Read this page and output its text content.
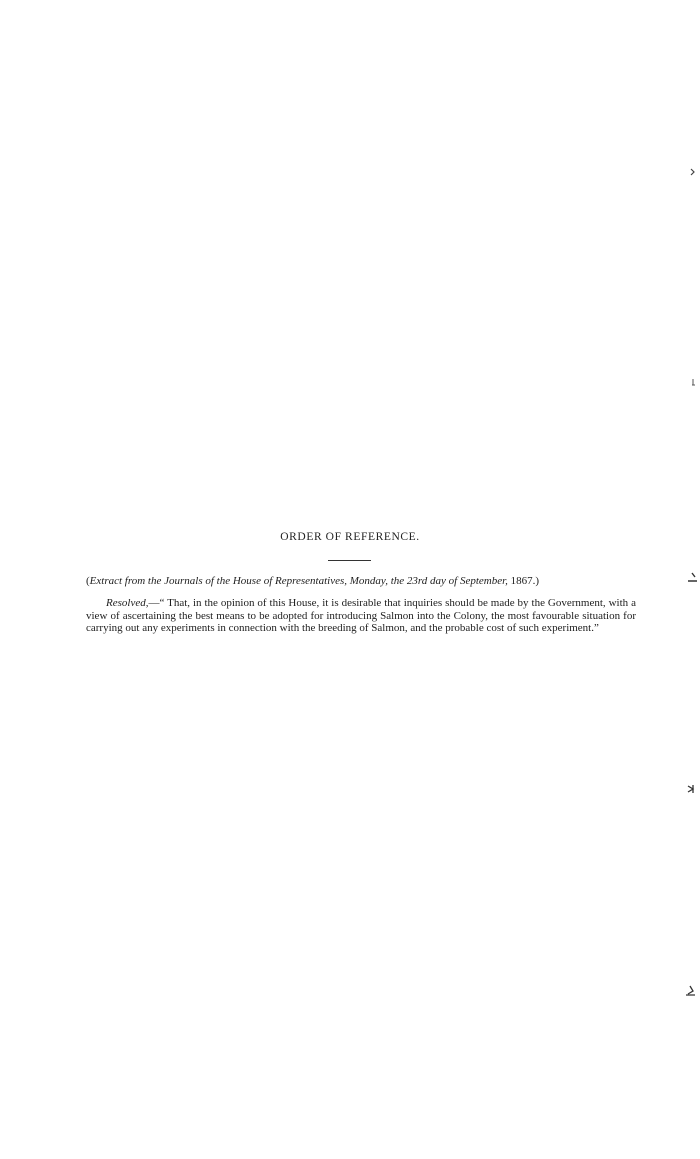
ORDER OF REFERENCE.
(Extract from the Journals of the House of Representatives, Monday, the 23rd day of September, 1867.)
Resolved,—“ That, in the opinion of this House, it is desirable that inquiries should be made by the Government, with a view of ascertaining the best means to be adopted for introducing Salmon into the Colony, the most favourable situation for carrying out any experiments in connection with the breeding of Salmon, and the probable cost of such experiment.”
